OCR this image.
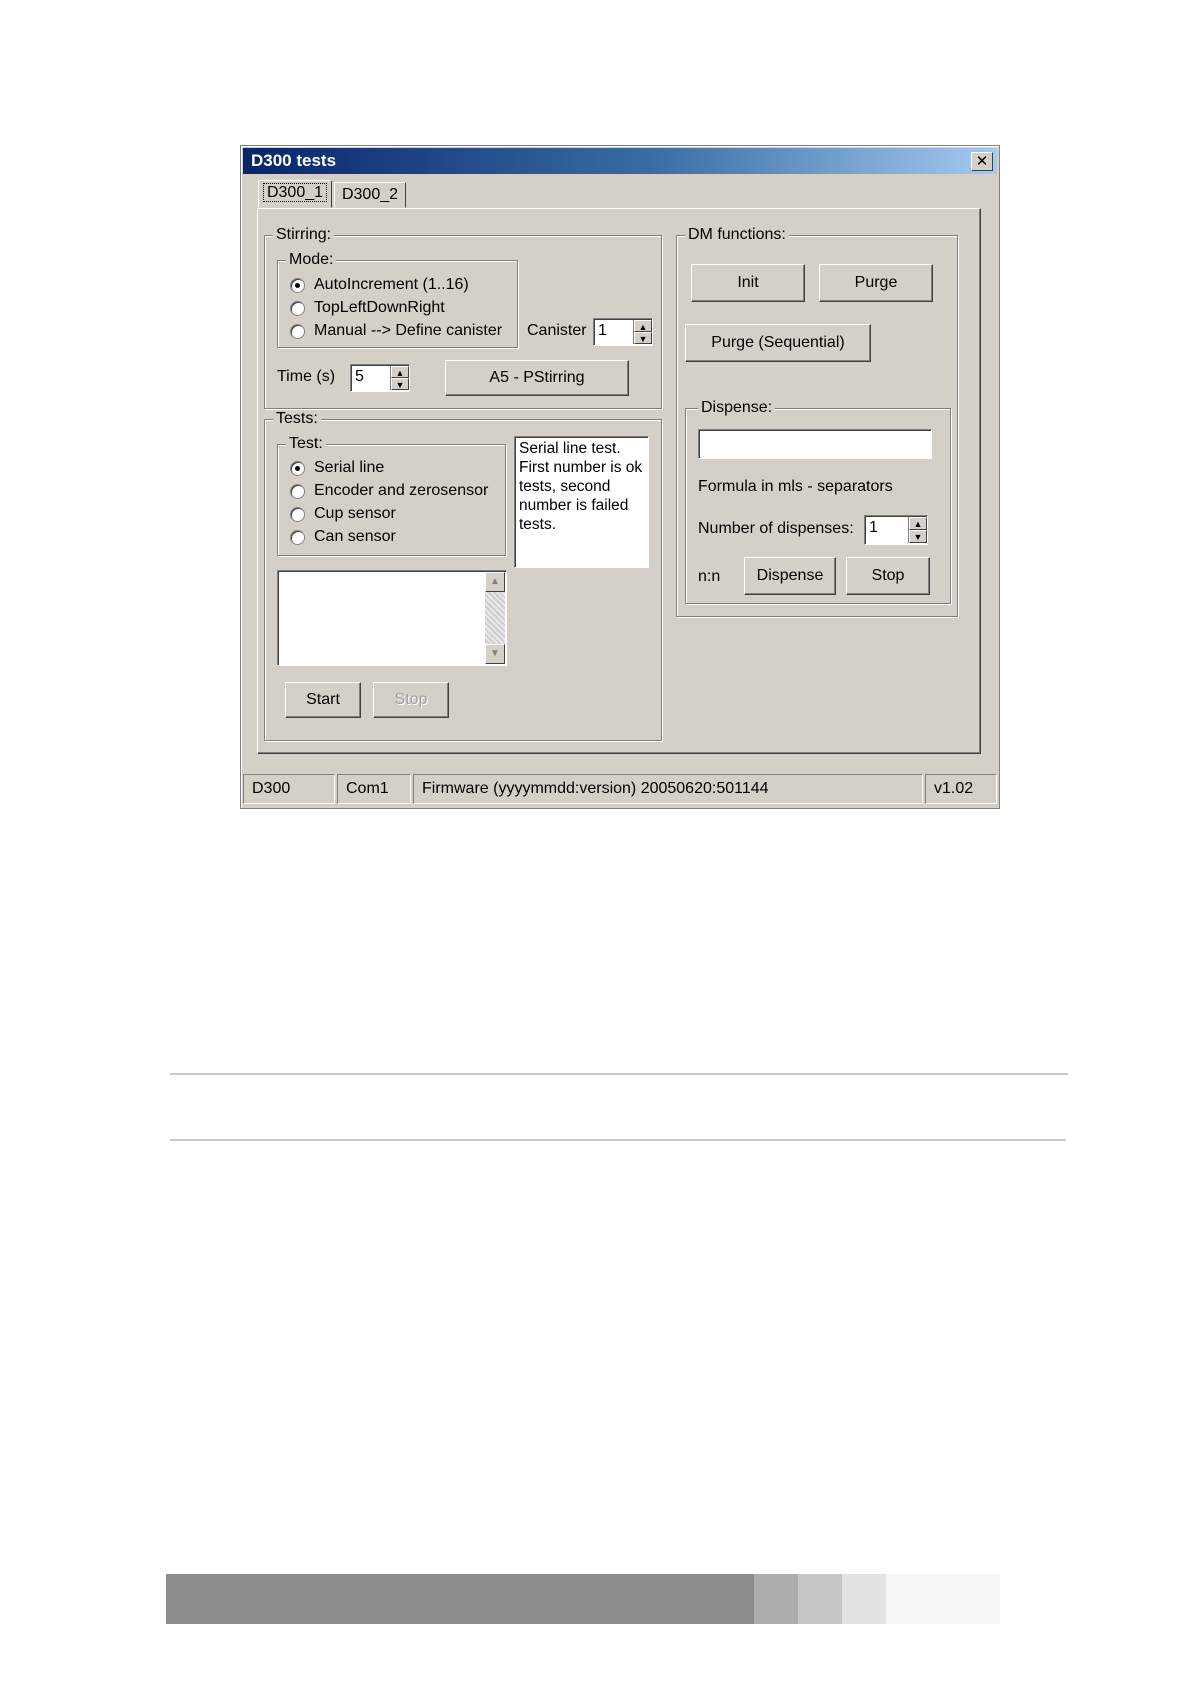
D300 tests	✕
D300_1	D300_2
Stirring:
Mode:
AutoIncrement (1..16)
TopLeftDownRight
Manual --> Define canister Canister 1	▲
▼
Time (s)	5	▲
▼	A5 - PStirring
Tests:
Test:
Serial line
Encoder and zerosensor
Cup sensor
Can sensor
Serial line test. First number is ok tests, second number is failed tests.
▲
▼
Start	Stop
DM functions:
Init	Purge
Purge (Sequential)
Dispense:
Formula in mls - separators
Number of dispenses: 1	▲
▼
n:n	Dispense	Stop
D300	Com1	Firmware (yyyymmdd:version) 20050620:501144	v1.02
